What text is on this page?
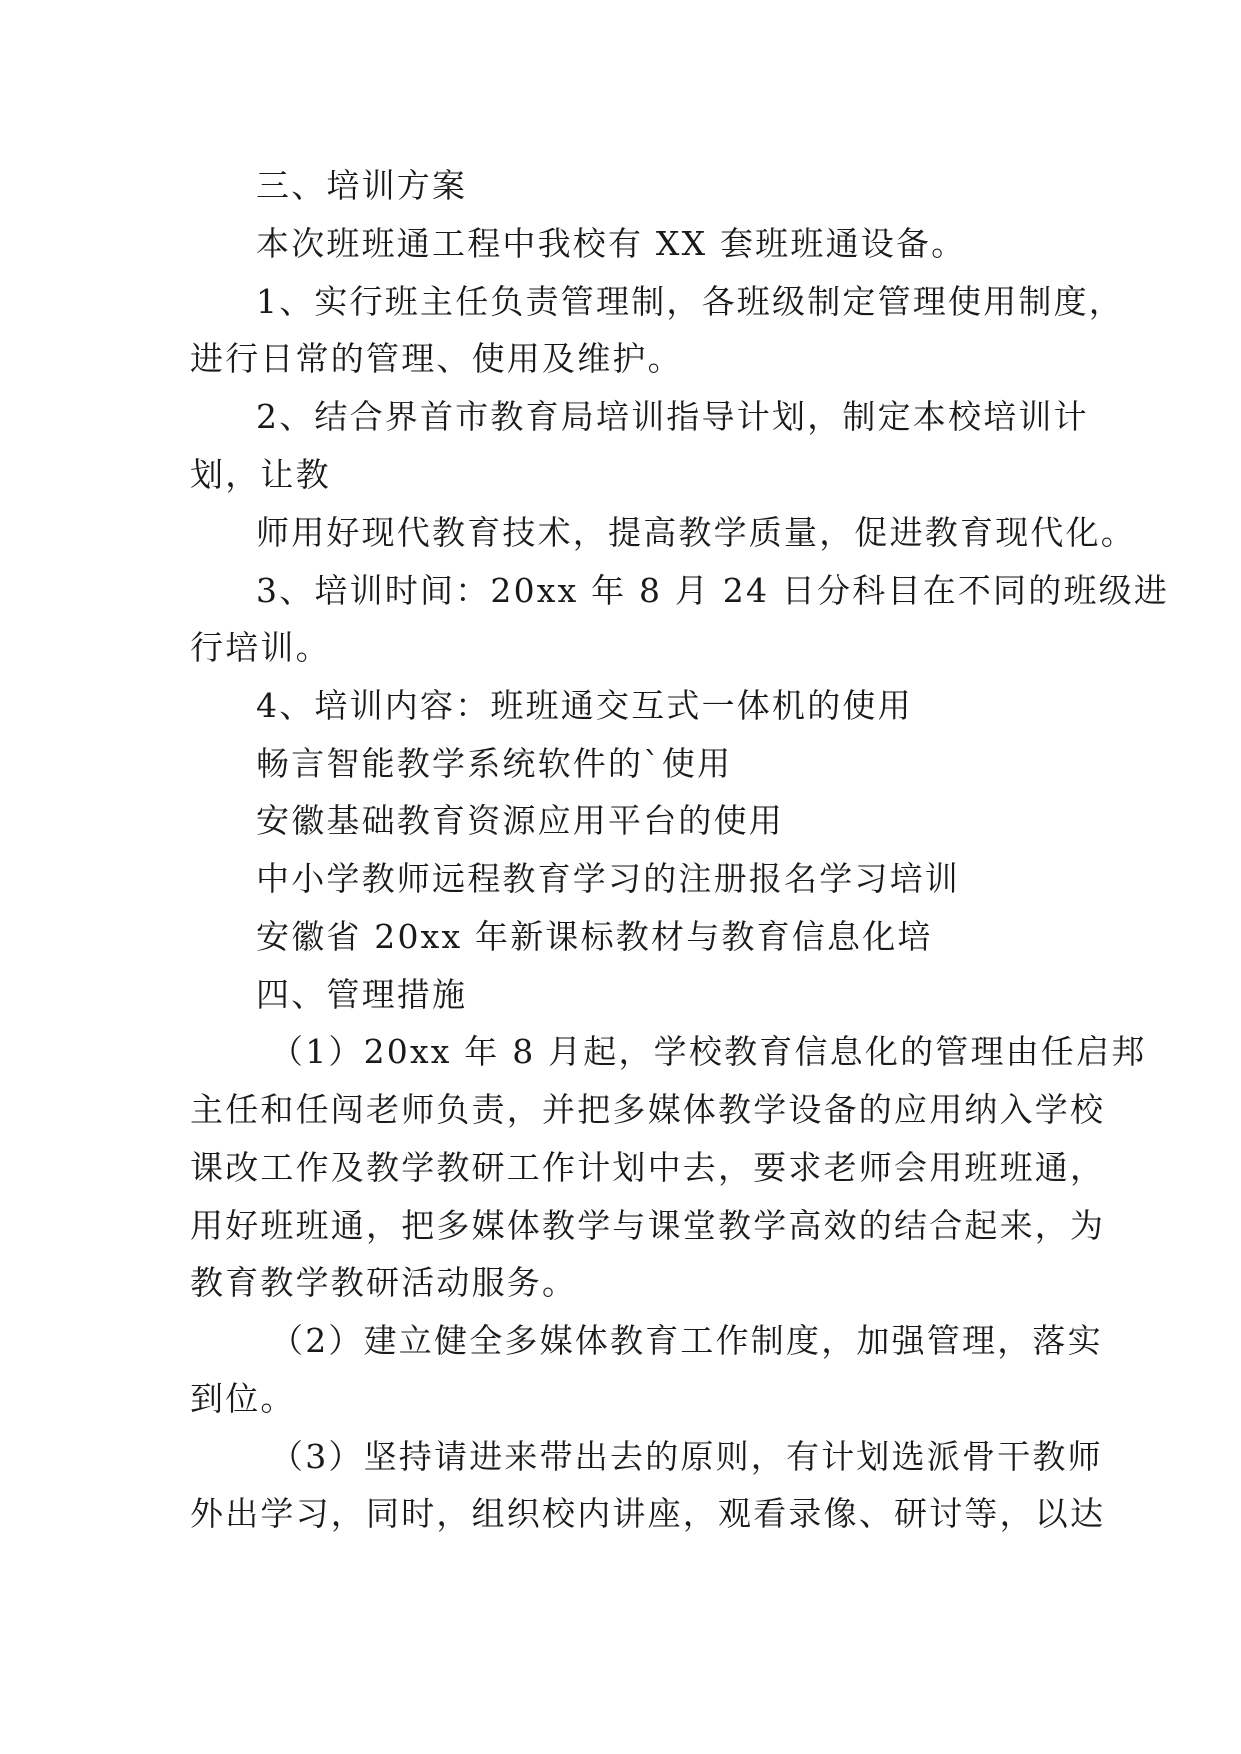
三、培训方案
本次班班通工程中我校有 XX 套班班通设备。
1、实行班主任负责管理制，各班级制定管理使用制度，
进行日常的管理、使用及维护。
2、结合界首市教育局培训指导计划，制定本校培训计
划，让教
师用好现代教育技术，提高教学质量，促进教育现代化。
3、培训时间：20xx 年 8 月 24 日分科目在不同的班级进
行培训。
4、培训内容：班班通交互式一体机的使用
畅言智能教学系统软件的`使用
安徽基础教育资源应用平台的使用
中小学教师远程教育学习的注册报名学习培训
安徽省 20xx 年新课标教材与教育信息化培
四、管理措施
（1）20xx 年 8 月起，学校教育信息化的管理由任启邦
主任和任闯老师负责，并把多媒体教学设备的应用纳入学校
课改工作及教学教研工作计划中去，要求老师会用班班通，
用好班班通，把多媒体教学与课堂教学高效的结合起来，为
教育教学教研活动服务。
（2）建立健全多媒体教育工作制度，加强管理，落实
到位。
（3）坚持请进来带出去的原则，有计划选派骨干教师
外出学习，同时，组织校内讲座，观看录像、研讨等，以达
